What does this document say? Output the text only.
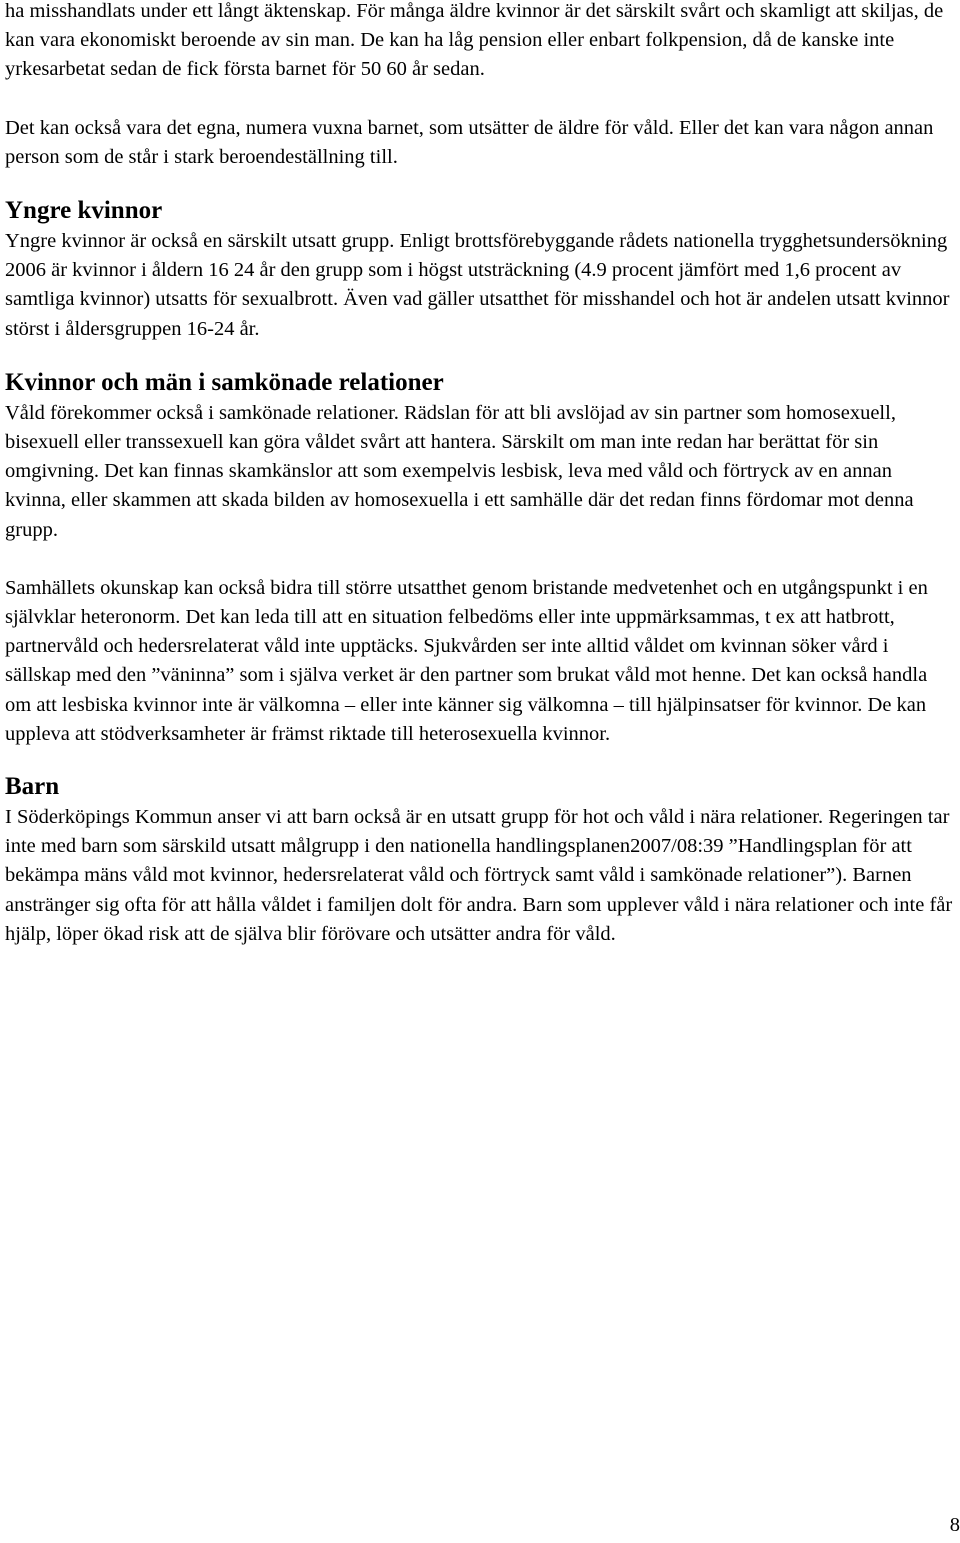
ha misshandlats under ett långt äktenskap. För många äldre kvinnor är det särskilt svårt och skamligt att skiljas, de kan vara ekonomiskt beroende av sin man. De kan ha låg pension eller enbart folkpension, då de kanske inte yrkesarbetat sedan de fick första barnet för 50 60 år sedan.

Det kan också vara det egna, numera vuxna barnet, som utsätter de äldre för våld. Eller det kan vara någon annan person som de står i stark beroendeställning till.

Yngre kvinnor

Yngre kvinnor är också en särskilt utsatt grupp. Enligt brottsförebyggande rådets nationella trygghetsundersökning 2006 är kvinnor i åldern 16 24 år den grupp som i högst utsträckning (4.9 procent jämfört med 1,6 procent av samtliga kvinnor) utsatts för sexualbrott. Även vad gäller utsatthet för misshandel och hot är andelen utsatt kvinnor störst i åldersgruppen 16-24 år.

Kvinnor och män i samkönade relationer

Våld förekommer också i samkönade relationer. Rädslan för att bli avslöjad av sin partner som homosexuell, bisexuell eller transsexuell kan göra våldet svårt att hantera. Särskilt om man inte redan har berättat för sin omgivning. Det kan finnas skamkänslor att som exempelvis lesbisk, leva med våld och förtryck av en annan kvinna, eller skammen att skada bilden av homosexuella i ett samhälle där det redan finns fördomar mot denna grupp.

Samhällets okunskap kan också bidra till större utsatthet genom bristande medvetenhet och en utgångspunkt i en självklar heteronorm. Det kan leda till att en situation felbedöms eller inte uppmärksammas, t ex att hatbrott, partnervåld och hedersrelaterat våld inte upptäcks. Sjukvården ser inte alltid våldet om kvinnan söker vård i sällskap med den ”väninna” som i själva verket är den partner som brukat våld mot henne. Det kan också handla om att lesbiska kvinnor inte är välkomna – eller inte känner sig välkomna – till hjälpinsatser för kvinnor. De kan uppleva att stödverksamheter är främst riktade till heterosexuella kvinnor.

Barn

I Söderköpings Kommun anser vi att barn också är en utsatt grupp för hot och våld i nära relationer. Regeringen tar inte med barn som särskild utsatt målgrupp i den nationella handlingsplanen2007/08:39 ”Handlingsplan för att bekämpa mäns våld mot kvinnor, hedersrelaterat våld och förtryck samt våld i samkönade relationer”). Barnen anstränger sig ofta för att hålla våldet i familjen dolt för andra. Barn som upplever våld i nära relationer och inte får hjälp, löper ökad risk att de själva blir förövare och utsätter andra för våld.

8
